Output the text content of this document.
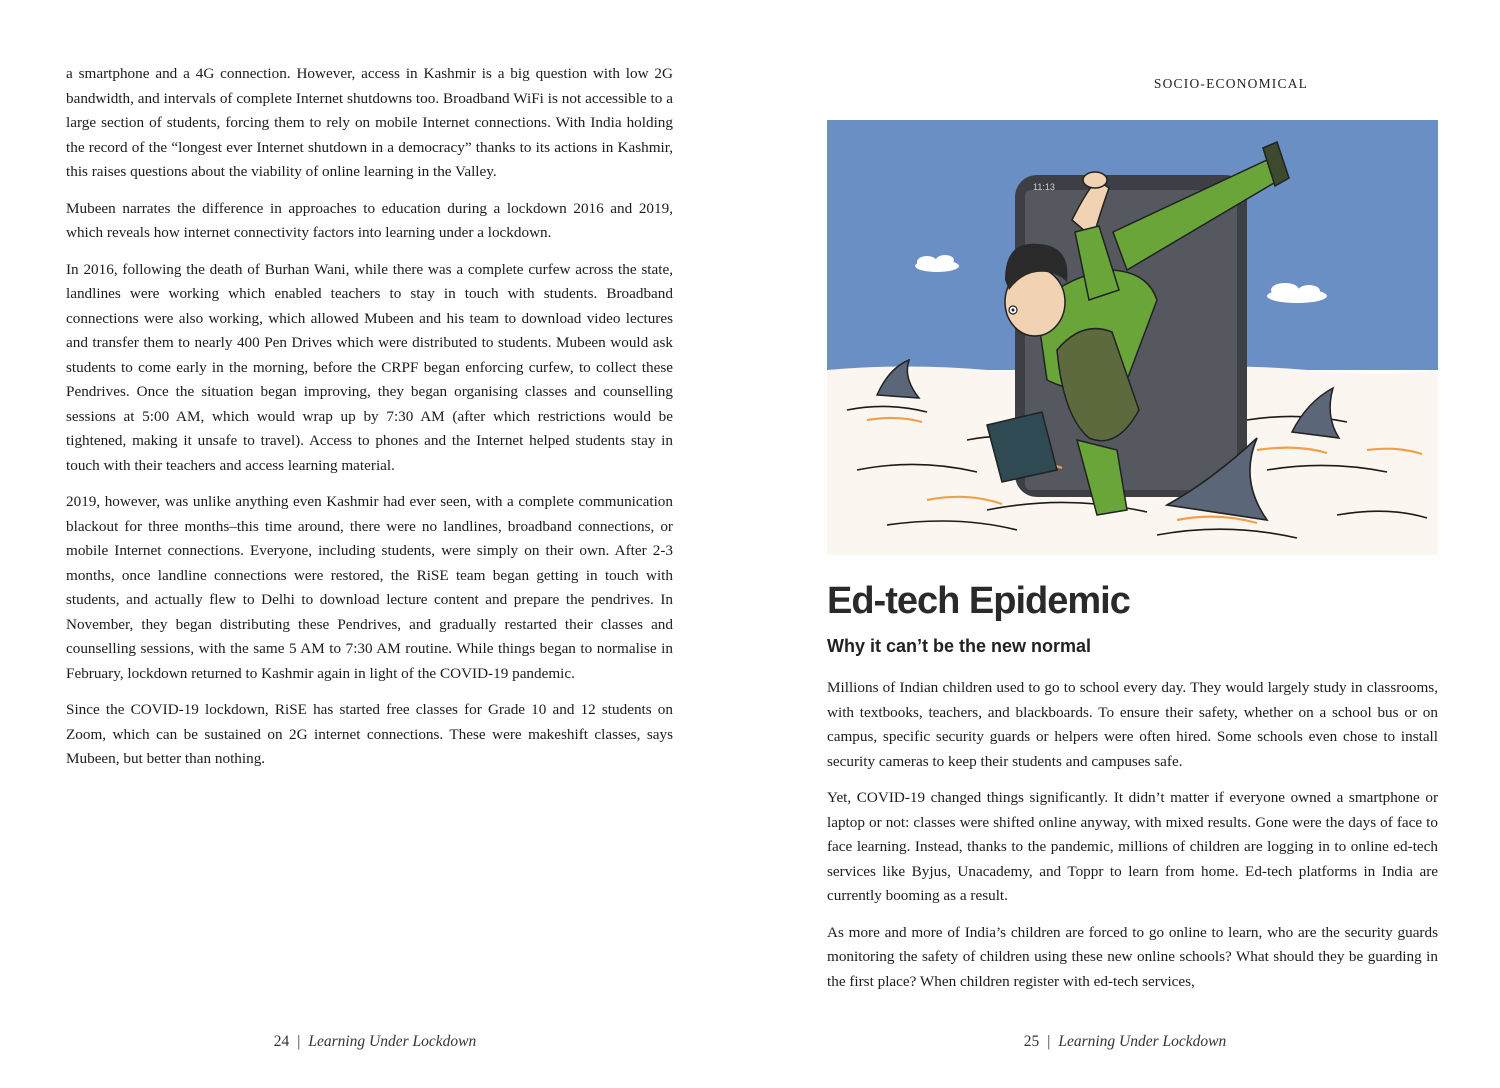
a smartphone and a 4G connection. However, access in Kashmir is a big question with low 2G bandwidth, and intervals of complete Internet shutdowns too. Broadband WiFi is not accessible to a large section of students, forcing them to rely on mobile Internet connections. With India holding the record of the “longest ever Internet shutdown in a democracy” thanks to its actions in Kashmir, this raises questions about the viability of online learning in the Valley.

Mubeen narrates the difference in approaches to education during a lockdown 2016 and 2019, which reveals how internet connectivity factors into learning under a lockdown.

In 2016, following the death of Burhan Wani, while there was a complete curfew across the state, landlines were working which enabled teachers to stay in touch with students. Broadband connections were also working, which allowed Mubeen and his team to download video lectures and transfer them to nearly 400 Pen Drives which were distributed to students. Mubeen would ask students to come early in the morning, before the CRPF began enforcing curfew, to collect these Pendrives. Once the situation began improving, they began organising classes and counselling sessions at 5:00 AM, which would wrap up by 7:30 AM (after which restrictions would be tightened, making it unsafe to travel). Access to phones and the Internet helped students stay in touch with their teachers and access learning material.

2019, however, was unlike anything even Kashmir had ever seen, with a complete communication blackout for three months–this time around, there were no landlines, broadband connections, or mobile Internet connections. Everyone, including students, were simply on their own. After 2-3 months, once landline connections were restored, the RiSE team began getting in touch with students, and actually flew to Delhi to download lecture content and prepare the pendrives. In November, they began distributing these Pendrives, and gradually restarted their classes and counselling sessions, with the same 5 AM to 7:30 AM routine. While things began to normalise in February, lockdown returned to Kashmir again in light of the COVID-19 pandemic.

Since the COVID-19 lockdown, RiSE has started free classes for Grade 10 and 12 students on Zoom, which can be sustained on 2G internet connections. These were makeshift classes, says Mubeen, but better than nothing.

24 | Learning Under Lockdown
SOCIO-ECONOMICAL
11:13
Ed-tech Epidemic
Why it can’t be the new normal

Millions of Indian children used to go to school every day. They would largely study in classrooms, with textbooks, teachers, and blackboards. To ensure their safety, whether on a school bus or on campus, specific security guards or helpers were often hired. Some schools even chose to install security cameras to keep their students and campuses safe.

Yet, COVID-19 changed things significantly. It didn’t matter if everyone owned a smartphone or laptop or not: classes were shifted online anyway, with mixed results. Gone were the days of face to face learning. Instead, thanks to the pandemic, millions of children are logging in to online ed-tech services like Byjus, Unacademy, and Toppr to learn from home. Ed-tech platforms in India are currently booming as a result.

As more and more of India’s children are forced to go online to learn, who are the security guards monitoring the safety of children using these new online schools? What should they be guarding in the first place? When children register with ed-tech services,

25 | Learning Under Lockdown
